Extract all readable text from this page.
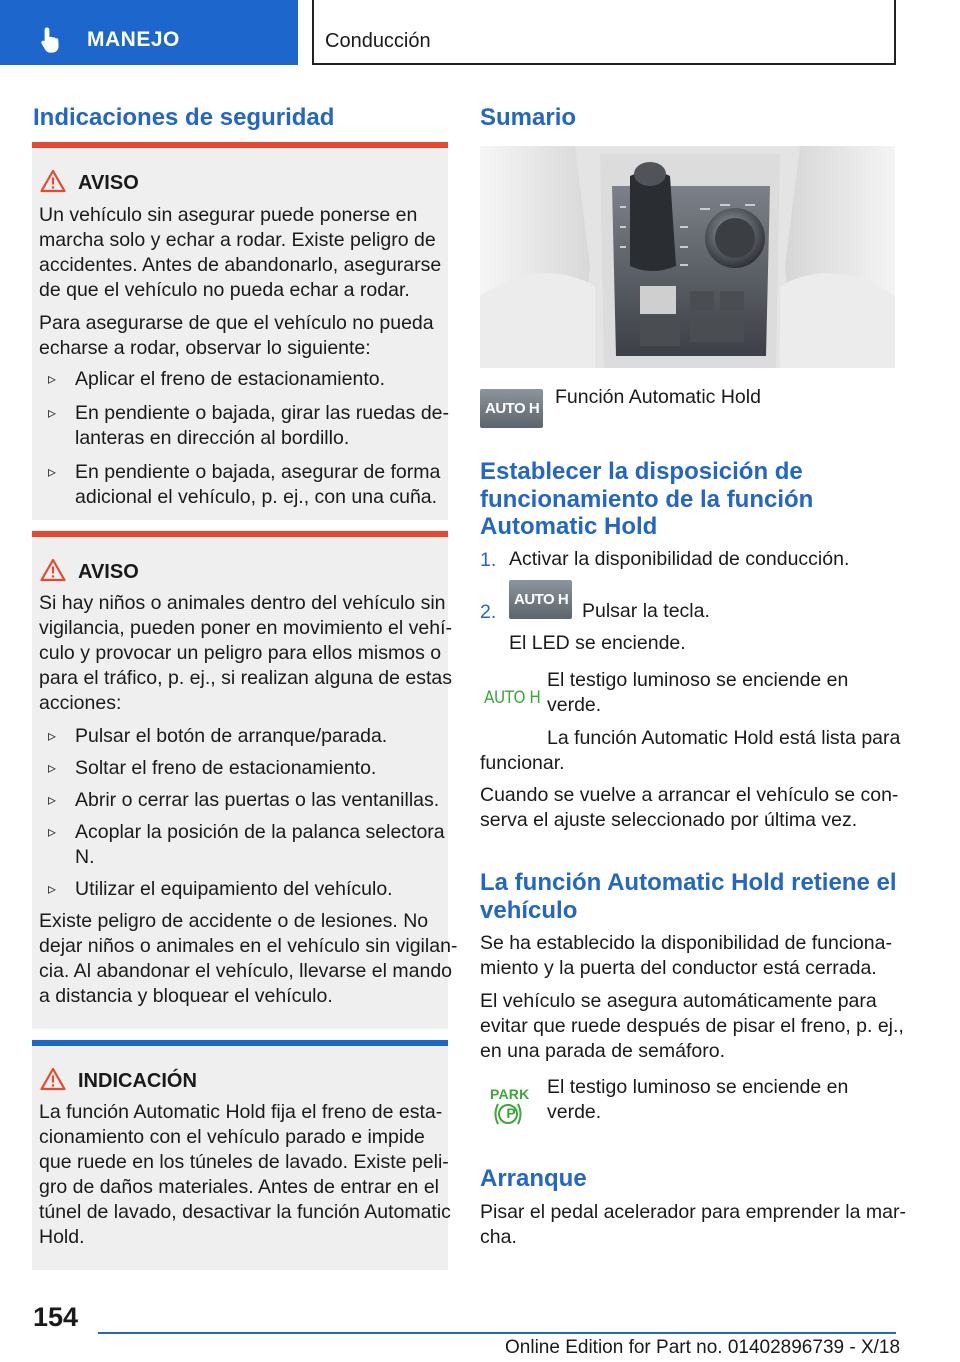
MANEJO	Conducción
Indicaciones de seguridad
AVISO
Un vehículo sin asegurar puede ponerse en
marcha solo y echar a rodar. Existe peligro de
accidentes. Antes de abandonarlo, asegurarse
de que el vehículo no pueda echar a rodar.
Para asegurarse de que el vehículo no pueda
echarse a rodar, observar lo siguiente:
▹ Aplicar el freno de estacionamiento.
▹ En pendiente o bajada, girar las ruedas de‐
lanteras en dirección al bordillo.
▹ En pendiente o bajada, asegurar de forma
adicional el vehículo, p. ej., con una cuña.
AVISO
Si hay niños o animales dentro del vehículo sin
vigilancia, pueden poner en movimiento el vehí‐
culo y provocar un peligro para ellos mismos o
para el tráfico, p. ej., si realizan alguna de estas
acciones:
▹ Pulsar el botón de arranque/parada.
▹ Soltar el freno de estacionamiento.
▹ Abrir o cerrar las puertas o las ventanillas.
▹ Acoplar la posición de la palanca selectora
N.
▹ Utilizar el equipamiento del vehículo.
Existe peligro de accidente o de lesiones. No
dejar niños o animales en el vehículo sin vigilan‐
cia. Al abandonar el vehículo, llevarse el mando
a distancia y bloquear el vehículo.
INDICACIÓN
La función Automatic Hold fija el freno de esta‐
cionamiento con el vehículo parado e impide
que ruede en los túneles de lavado. Existe peli‐
gro de daños materiales. Antes de entrar en el
túnel de lavado, desactivar la función Automatic
Hold.
Sumario
AUTO H
Función Automatic Hold
Establecer la disposición de
funcionamiento de la función
Automatic Hold
1. Activar la disponibilidad de conducción.
2.
AUTO H
Pulsar la tecla.
El LED se enciende.
AUTO H
El testigo luminoso se enciende en
verde.
La función Automatic Hold está lista para
funcionar.
Cuando se vuelve a arrancar el vehículo se con‐
serva el ajuste seleccionado por última vez.
La función Automatic Hold retiene el
vehículo
Se ha establecido la disponibilidad de funciona‐
miento y la puerta del conductor está cerrada.
El vehículo se asegura automáticamente para
evitar que ruede después de pisar el freno, p. ej.,
en una parada de semáforo.
PARK
P
El testigo luminoso se enciende en
verde.
Arranque
Pisar el pedal acelerador para emprender la mar‐
cha.
154
Online Edition for Part no. 01402896739 - X/18
